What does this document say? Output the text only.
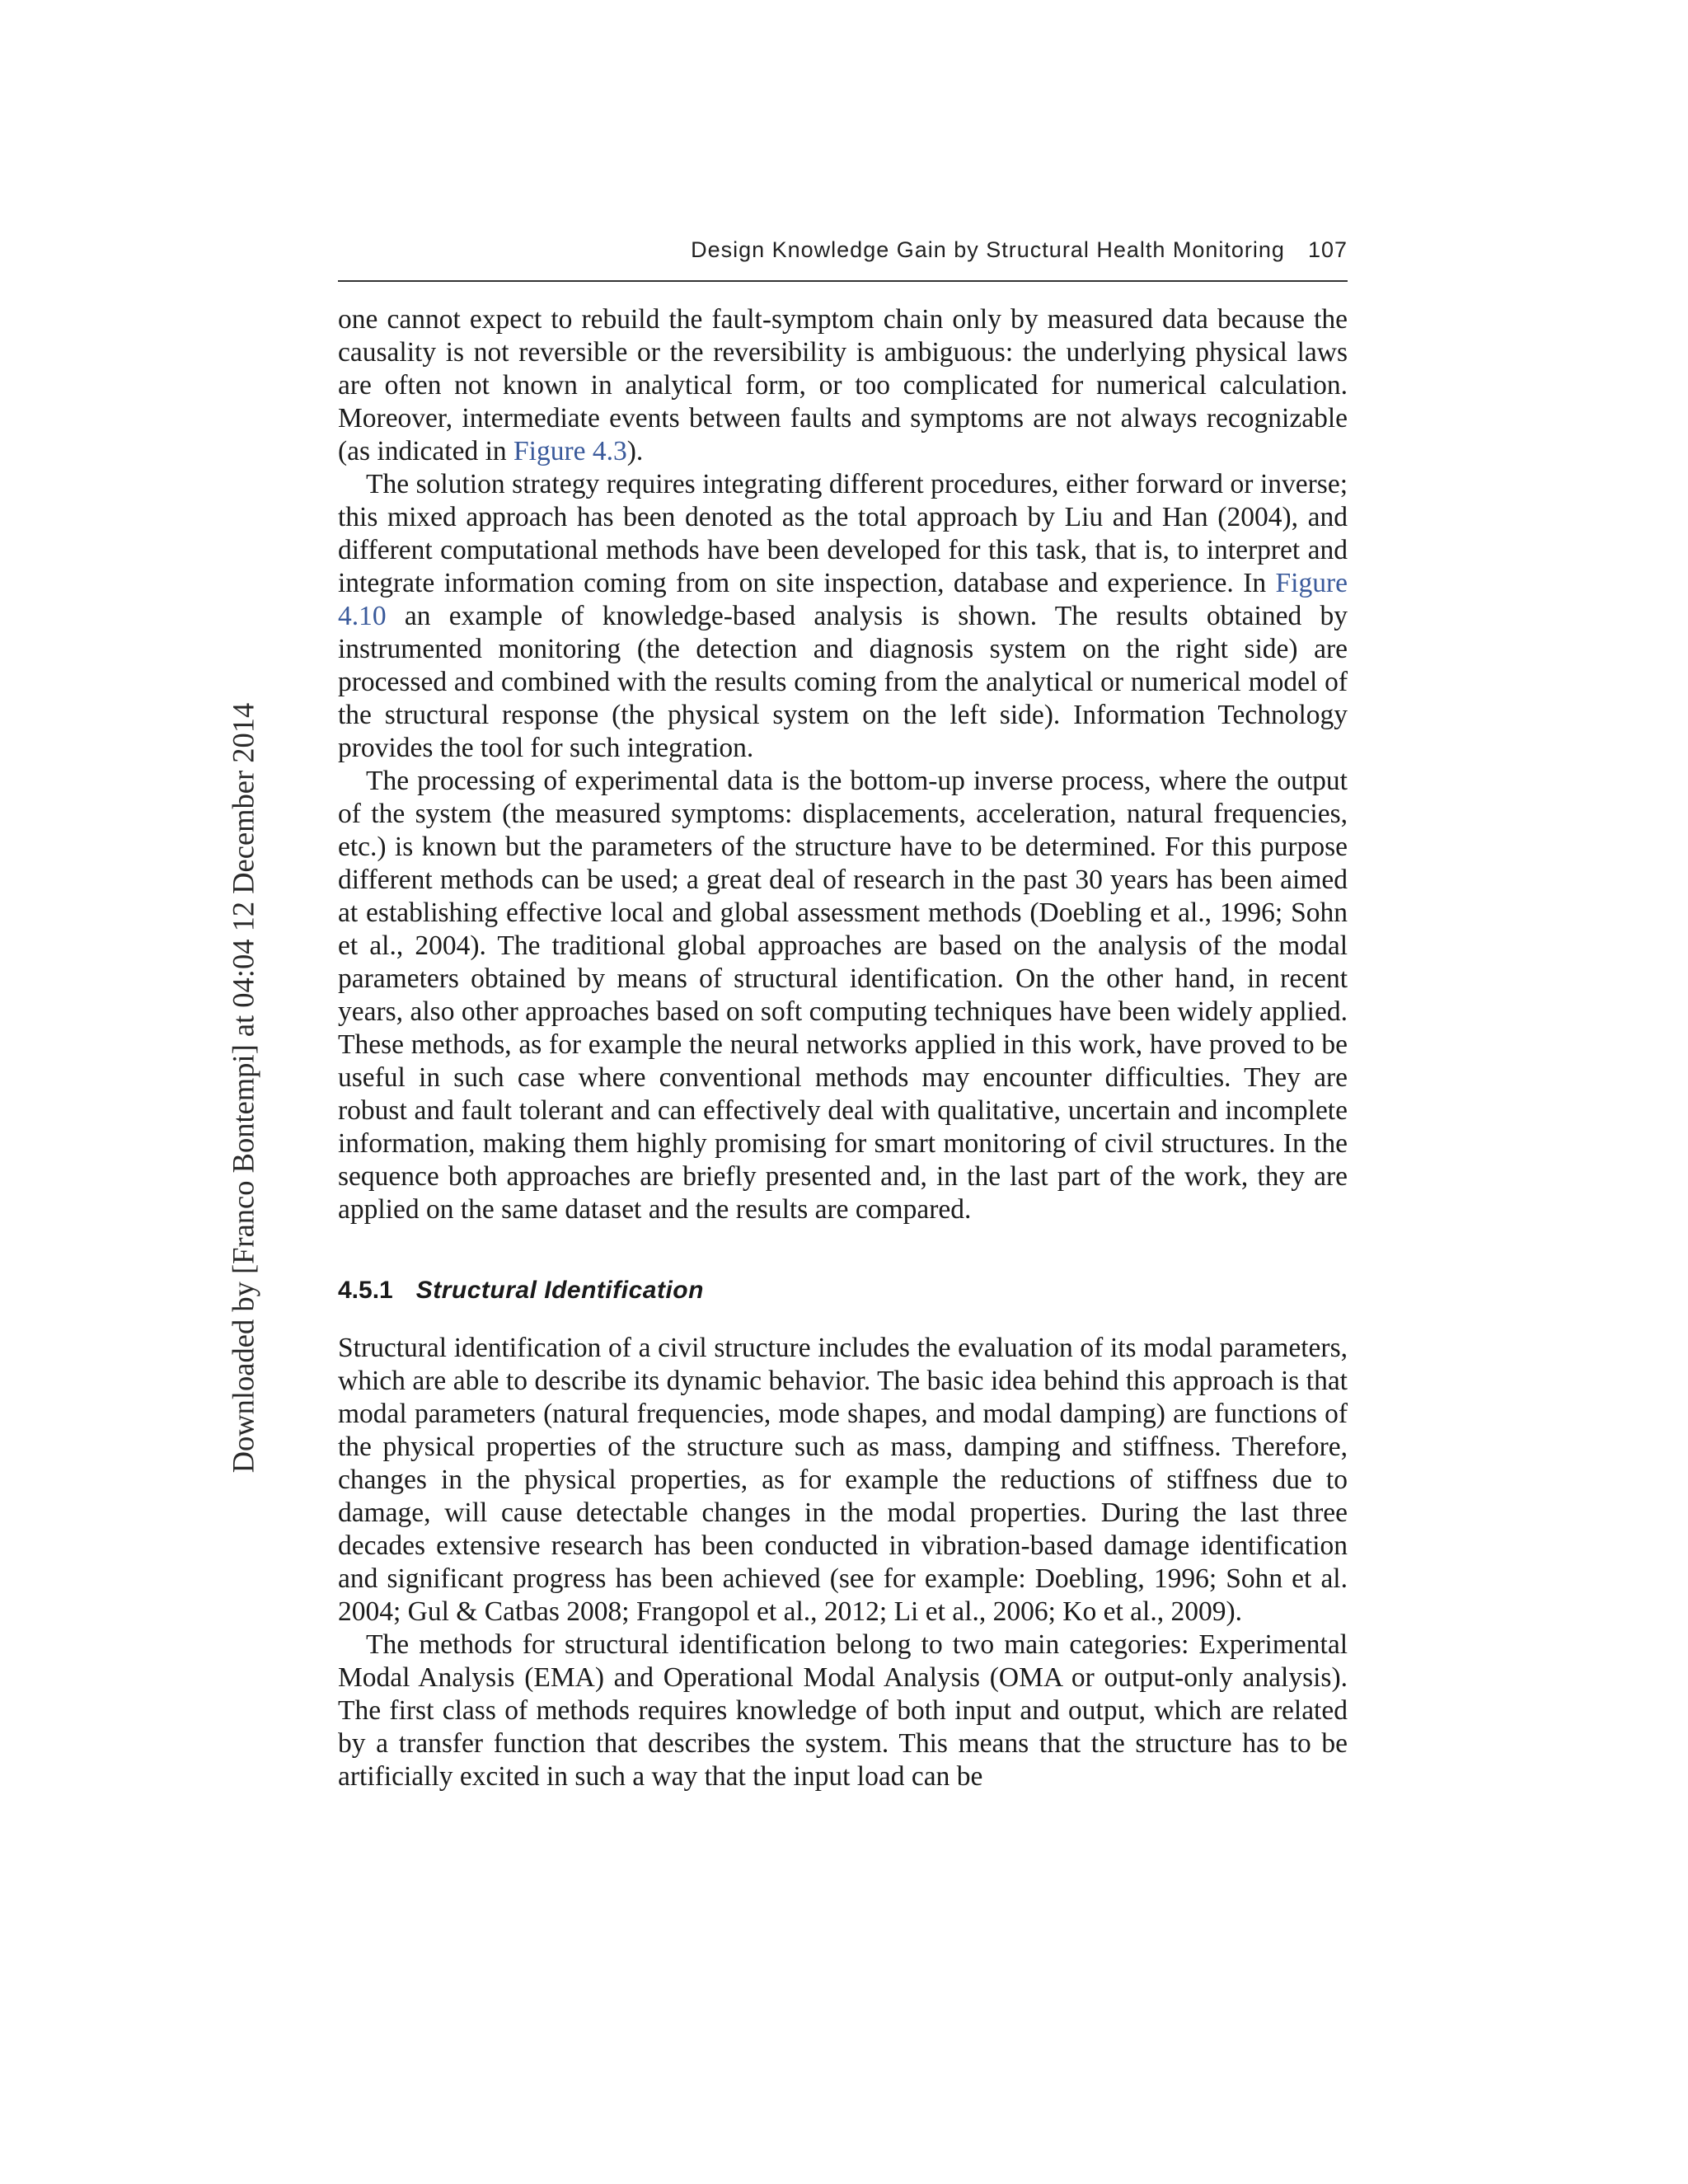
Downloaded by [Franco Bontempi] at 04:04 12 December 2014
Design Knowledge Gain by Structural Health Monitoring 107

one cannot expect to rebuild the fault-symptom chain only by measured data because the causality is not reversible or the reversibility is ambiguous: the underlying physical laws are often not known in analytical form, or too complicated for numerical calculation. Moreover, intermediate events between faults and symptoms are not always recognizable (as indicated in Figure 4.3).

The solution strategy requires integrating different procedures, either forward or inverse; this mixed approach has been denoted as the total approach by Liu and Han (2004), and different computational methods have been developed for this task, that is, to interpret and integrate information coming from on site inspection, database and experience. In Figure 4.10 an example of knowledge-based analysis is shown. The results obtained by instrumented monitoring (the detection and diagnosis system on the right side) are processed and combined with the results coming from the analytical or numerical model of the structural response (the physical system on the left side). Information Technology provides the tool for such integration.

The processing of experimental data is the bottom-up inverse process, where the output of the system (the measured symptoms: displacements, acceleration, natural frequencies, etc.) is known but the parameters of the structure have to be determined. For this purpose different methods can be used; a great deal of research in the past 30 years has been aimed at establishing effective local and global assessment methods (Doebling et al., 1996; Sohn et al., 2004). The traditional global approaches are based on the analysis of the modal parameters obtained by means of structural identification. On the other hand, in recent years, also other approaches based on soft computing techniques have been widely applied. These methods, as for example the neural networks applied in this work, have proved to be useful in such case where conventional methods may encounter difficulties. They are robust and fault tolerant and can effectively deal with qualitative, uncertain and incomplete information, making them highly promising for smart monitoring of civil structures. In the sequence both approaches are briefly presented and, in the last part of the work, they are applied on the same dataset and the results are compared.

4.5.1 Structural Identification

Structural identification of a civil structure includes the evaluation of its modal parameters, which are able to describe its dynamic behavior. The basic idea behind this approach is that modal parameters (natural frequencies, mode shapes, and modal damping) are functions of the physical properties of the structure such as mass, damping and stiffness. Therefore, changes in the physical properties, as for example the reductions of stiffness due to damage, will cause detectable changes in the modal properties. During the last three decades extensive research has been conducted in vibration-based damage identification and significant progress has been achieved (see for example: Doebling, 1996; Sohn et al. 2004; Gul & Catbas 2008; Frangopol et al., 2012; Li et al., 2006; Ko et al., 2009).

The methods for structural identification belong to two main categories: Experimental Modal Analysis (EMA) and Operational Modal Analysis (OMA or output-only analysis). The first class of methods requires knowledge of both input and output, which are related by a transfer function that describes the system. This means that the structure has to be artificially excited in such a way that the input load can be
